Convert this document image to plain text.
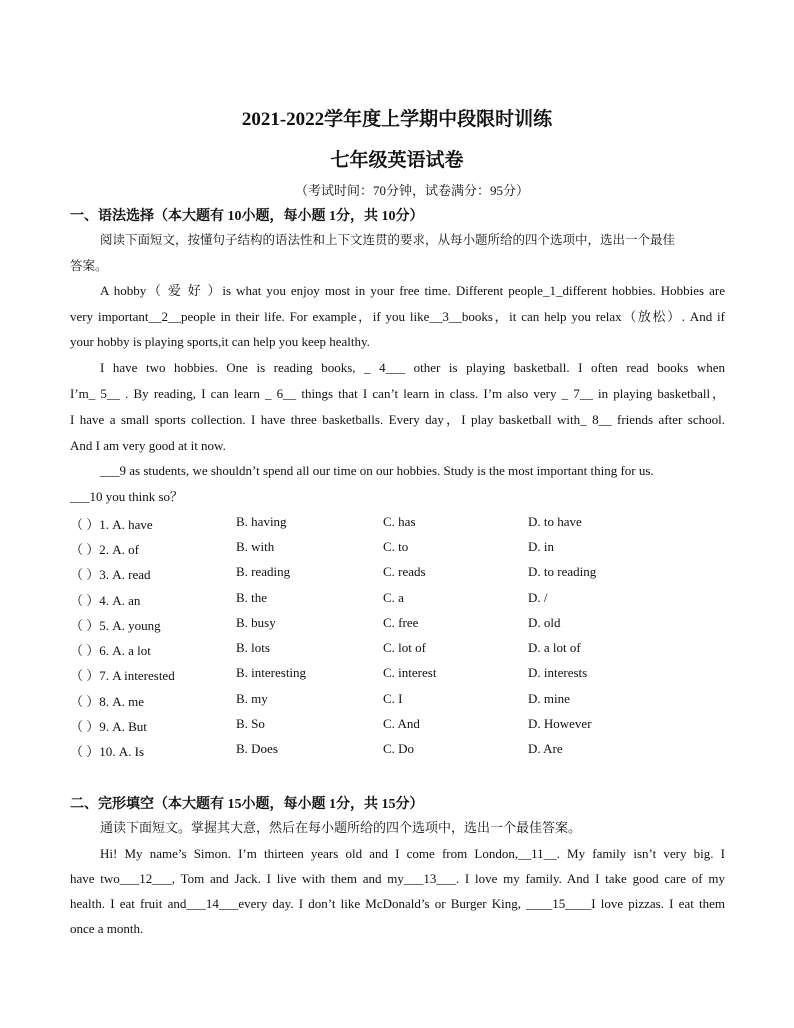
2021-2022学年度上学期中段限时训练
七年级英语试卷
（考试时间：70分钟，试卷满分：95分）
一、语法选择（本大题有 10小题，每小题 1分，共 10分）
阅读下面短文，按懂句子结构的语法性和上下文连贯的要求，从每小题所给的四个选项中，选出一个最佳
答案。
A hobby（ 爱 好 ）is what you enjoy most in your free time. Different people_1_different hobbies. Hobbies are
very important__2__people in their life. For example，if you like__3__books，it can help you relax（放松）. And if
your hobby is playing sports,it can help you keep healthy.
I have two hobbies. One is reading books, _ 4___ other is playing basketball. I often read books when
I’m_ 5__ . By reading, I can learn _ 6__ things that I can’t learn in class. I’m also very _ 7__ in playing basketball，
I have a small sports collection. I have three basketballs. Every day，I play basketball with_ 8__ friends after school.
And I am very good at it now.
___9 as students, we shouldn’t spend all our time on our hobbies. Study is the most important thing for us.
___10 you think so？
（ ）1. A. have	B. having	C. has	D. to have
（ ）2. A. of	B. with	C. to	D. in
（ ）3. A. read	B. reading	C. reads	D. to reading
（ ）4. A. an	B. the	C. a	D. /
（ ）5. A. young	B. busy	C. free	D. old
（ ）6. A. a lot	B. lots	C. lot of	D. a lot of
（ ）7. A interested	B. interesting	C. interest	D. interests
（ ）8. A. me	B. my	C. I	D. mine
（ ）9. A. But	B. So	C. And	D. However
（ ）10. A. Is	B. Does	C. Do	D. Are
二、完形填空（本大题有 15小题，每小题 1分，共 15分）
通读下面短文。掌握其大意，然后在每小题所给的四个选项中，选出一个最佳答案。
Hi! My name’s Simon. I’m thirteen years old and I come from London,__11__. My family isn’t very big. I
have two___12___, Tom and Jack. I live with them and my___13___. I love my family. And I take good care of my
health. I eat fruit and___14___every day. I don’t like McDonald’s or Burger King, ____15____I love pizzas. I eat them
once a month.
